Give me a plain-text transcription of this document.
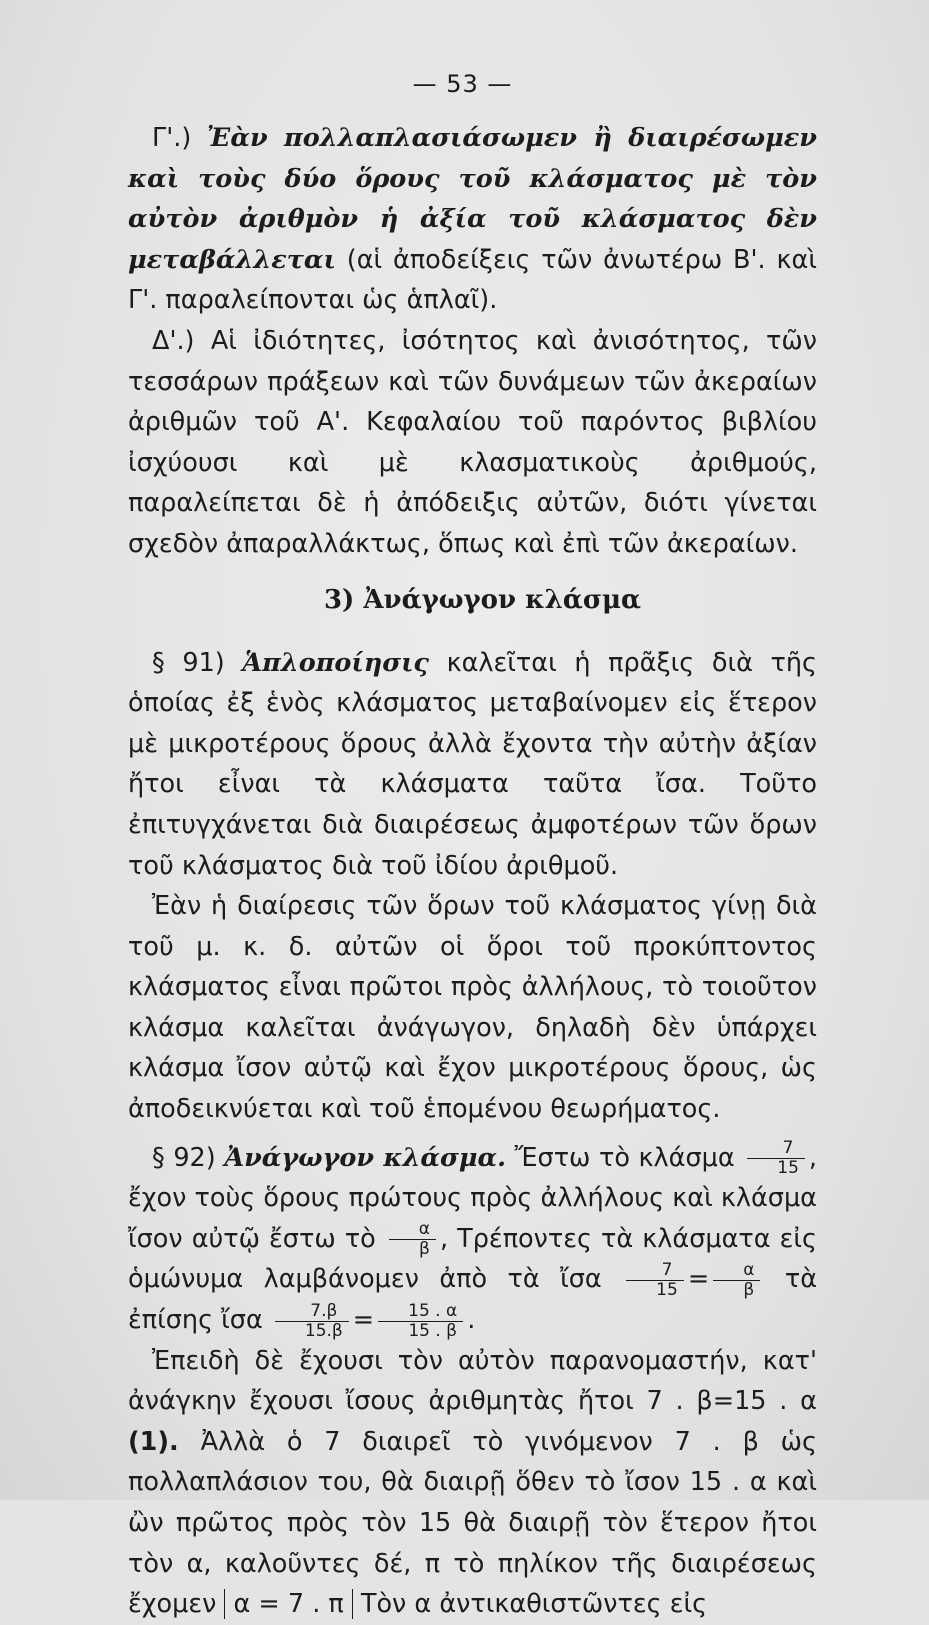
— 53 —

Γ'.) Ἐὰν πολλαπλασιάσωμεν ἢ διαιρέσωμεν καὶ τοὺς δύο ὅρους τοῦ κλάσματος μὲ τὸν αὐτὸν ἀριθμὸν ἡ ἀξία τοῦ κλάσματος δὲν μεταβάλλεται (αἱ ἀποδείξεις τῶν ἀνωτέρω Β'. καὶ Γ'. παραλείπονται ὡς ἁπλαῖ).

Δ'.) Αἱ ἰδιότητες, ἰσότητος καὶ ἀνισότητος, τῶν τεσσάρων πράξεων καὶ τῶν δυνάμεων τῶν ἀκεραίων ἀριθμῶν τοῦ Α'. Κεφαλαίου τοῦ παρόντος βιβλίου ἰσχύουσι καὶ μὲ κλασματικοὺς ἀριθμούς, παραλείπεται δὲ ἡ ἀπόδειξις αὐτῶν, διότι γίνεται σχεδὸν ἀπαραλλάκτως, ὅπως καὶ ἐπὶ τῶν ἀκεραίων.

3) Ἀνάγωγον κλάσμα

§ 91) Ἁπλοποίησις καλεῖται ἡ πρᾶξις διὰ τῆς ὁποίας ἐξ ἑνὸς κλάσματος μεταβαίνομεν εἰς ἕτερον μὲ μικροτέρους ὅρους ἀλλὰ ἔχοντα τὴν αὐτὴν ἀξίαν ἤτοι εἶναι τὰ κλάσματα ταῦτα ἴσα. Τοῦτο ἐπιτυγχάνεται διὰ διαιρέσεως ἀμφοτέρων τῶν ὅρων τοῦ κλάσματος διὰ τοῦ ἰδίου ἀριθμοῦ.

Ἐὰν ἡ διαίρεσις τῶν ὅρων τοῦ κλάσματος γίνῃ διὰ τοῦ μ. κ. δ. αὐτῶν οἱ ὅροι τοῦ προκύπτοντος κλάσματος εἶναι πρῶτοι πρὸς ἀλλήλους, τὸ τοιοῦτον κλάσμα καλεῖται ἀνάγωγον, δηλαδὴ δὲν ὑπάρχει κλάσμα ἴσον αὐτῷ καὶ ἔχον μικροτέρους ὅρους, ὡς ἀποδεικνύεται καὶ τοῦ ἑπομένου θεωρήματος.

§ 92) Ἀνάγωγον κλάσμα. Ἔστω τὸ κλάσμα $\frac{7}{15}$ , ἔχον τοὺς ὅρους πρώτους πρὸς ἀλλήλους καὶ κλάσμα ἴσον αὐτῷ ἔστω τὸ $\frac{\alpha}{\beta}$ , Τρέποντες τὰ κλάσματα εἰς ὁμώνυμα λαμβάνομεν ἀπὸ τὰ ἴσα $\frac{7}{15} = \frac{\alpha}{\beta}$ τὰ ἐπίσης ἴσα $\frac{7.\beta}{15.\beta} = \frac{15 . \alpha}{15 . \beta}$ .

Ἐπειδὴ δὲ ἔχουσι τὸν αὐτὸν παρανομαστήν, κατ' ἀνάγκην ἔχουσι ἴσους ἀριθμητὰς ἤτοι 7 . β=15 . α (1). Ἀλλὰ ὁ 7 διαιρεῖ τὸ γινόμενον 7 . β ὡς πολλαπλάσιον του, θὰ διαιρῇ ὅθεν τὸ ἴσον 15 . α καὶ ὢν πρῶτος πρὸς τὸν 15 θὰ διαιρῇ τὸν ἕτερον ἤτοι τὸν α, καλοῦντες δέ, π τὸ πηλίκον τῆς διαιρέσεως ἔχομεν α = 7 . π Τὸν α ἀντικαθιστῶντες εἰς
